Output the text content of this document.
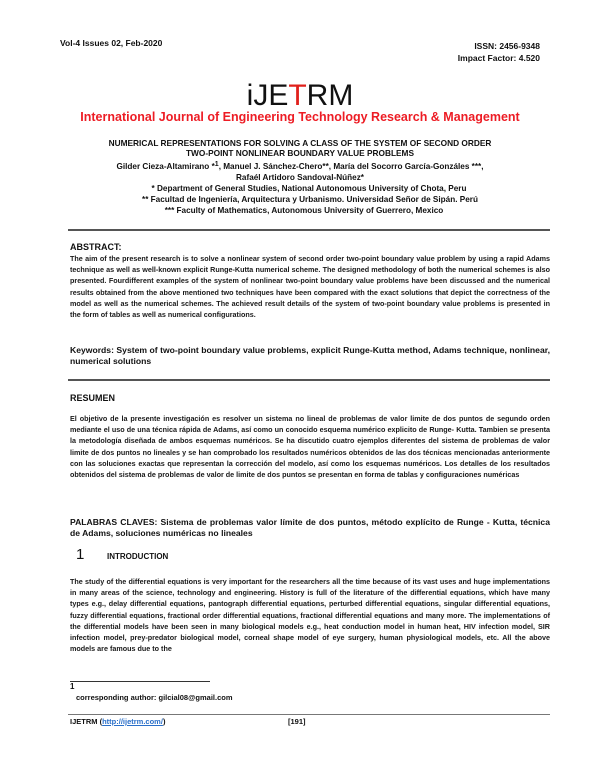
Vol-4 Issues 02, Feb-2020	ISSN: 2456-9348
Impact Factor: 4.520
iJETRM
International Journal of Engineering Technology Research & Management
NUMERICAL REPRESENTATIONS FOR SOLVING A CLASS OF THE SYSTEM OF SECOND ORDER
TWO-POINT NONLINEAR BOUNDARY VALUE PROBLEMS
Gilder Cieza-Altamirano *$^1$, Manuel J. Sánchez-Chero**, María del Socorro García-Gonzáles ***,
Rafaél Artidoro Sandoval-Núñez*
* Department of General Studies, National Autonomous University of Chota, Peru
** Facultad de Ingeniería, Arquitectura y Urbanismo. Universidad Señor de Sipán. Perú
*** Faculty of Mathematics, Autonomous University of Guerrero, Mexico
ABSTRACT:
The aim of the present research is to solve a nonlinear system of second order two-point boundary value problem by using a rapid Adams technique as well as well-known explicit Runge-Kutta numerical scheme. The designed methodology of both the numerical schemes is also presented. Fourdifferent examples of the system of nonlinear two-point boundary value problems have been discussed and the numerical results obtained from the above mentioned two techniques have been compared with the exact solutions that depict the correctness of the model as well as the numerical schemes. The achieved result details of the system of two-point boundary value problems is presented in the form of tables as well as numerical configurations.
Keywords: System of two-point boundary value problems, explicit Runge-Kutta method, Adams technique, nonlinear, numerical solutions
RESUMEN
El objetivo de la presente investigación es resolver un sistema no lineal de problemas de valor limite de dos puntos de segundo orden mediante el uso de una técnica rápida de Adams, así como un conocido esquema numérico explicito de Runge- Kutta. Tambien se presenta la metodología diseñada de ambos esquemas numéricos. Se ha discutido cuatro ejemplos diferentes del sistema de problemas de valor limite de dos puntos no lineales y se han comprobado los resultados numéricos obtenidos de las dos técnicas mencionadas anteriormente con las soluciones exactas que representan la corrección del modelo, así como los esquemas numéricos. Los detalles de los resultados obtenidos del sistema de problemas de valor de limite de dos puntos se presentan en forma de tablas y configuraciones numéricas
PALABRAS CLAVES: Sistema de problemas valor límite de dos puntos, método explícito de Runge - Kutta, técnica de Adams, soluciones numéricas no lineales
1	INTRODUCTION
The study of the differential equations is very important for the researchers all the time because of its vast uses and huge implementations in many areas of the science, technology and engineering. History is full of the literature of the differential equations, which have many types e.g., delay differential equations, pantograph differential equations, perturbed differential equations, singular differential equations, fuzzy differential equations, fractional order differential equations, fractional differential equations and many more. The implementations of the differential models have been seen in many biological models e.g., heat conduction model in human heat, HIV infection model, SIR infection model, prey-predator biological model, corneal shape model of eye surgery, human physiological models, etc. All the above models are famous due to the
1
corresponding author: gilcial08@gmail.com
IJETRM (http://ijetrm.com/)	[191]
